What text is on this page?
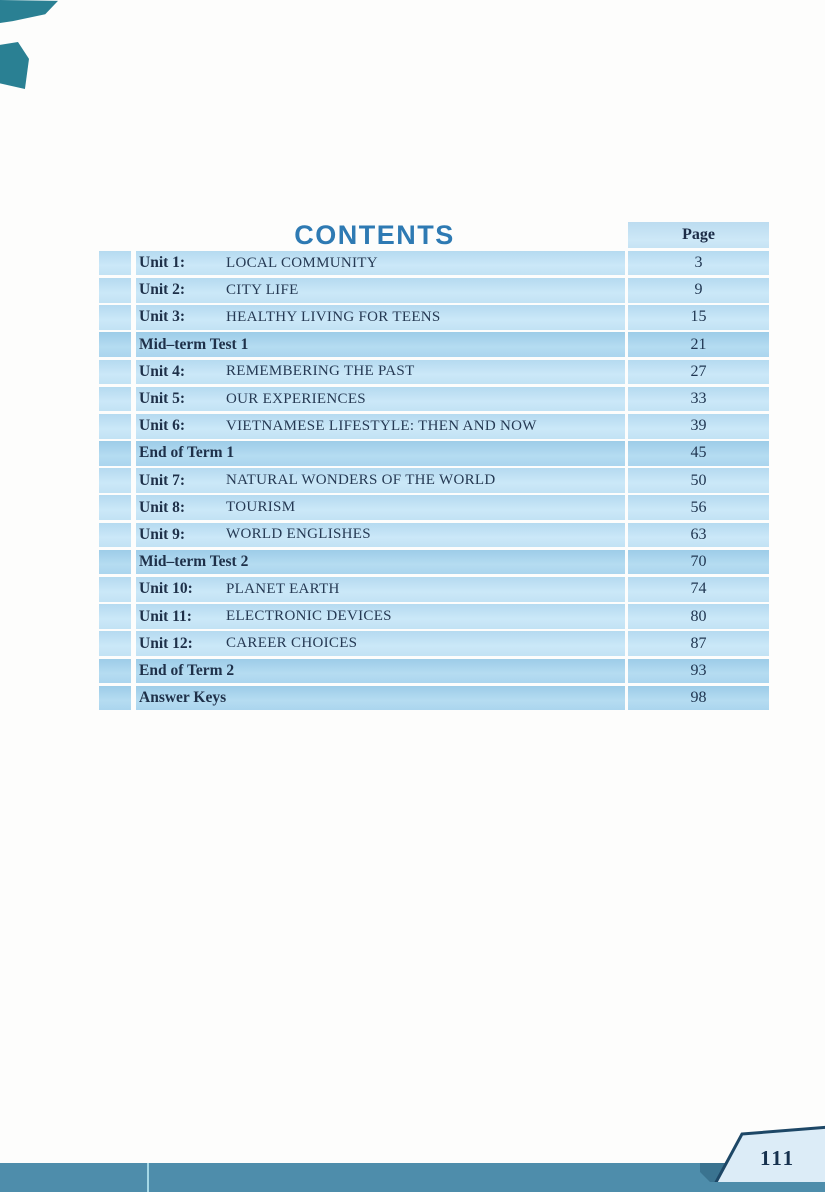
CONTENTS	Page
Unit 1:	LOCAL COMMUNITY	3
Unit 2:	CITY LIFE	9
Unit 3:	HEALTHY LIVING FOR TEENS	15
Mid–term Test 1	21
Unit 4:	REMEMBERING THE PAST	27
Unit 5:	OUR EXPERIENCES	33
Unit 6:	VIETNAMESE LIFESTYLE: THEN AND NOW	39
End of Term 1	45
Unit 7:	NATURAL WONDERS OF THE WORLD	50
Unit 8:	TOURISM	56
Unit 9:	WORLD ENGLISHES	63
Mid–term Test 2	70
Unit 10:	PLANET EARTH	74
Unit 11:	ELECTRONIC DEVICES	80
Unit 12:	CAREER CHOICES	87
End of Term 2	93
Answer Keys	98
111
